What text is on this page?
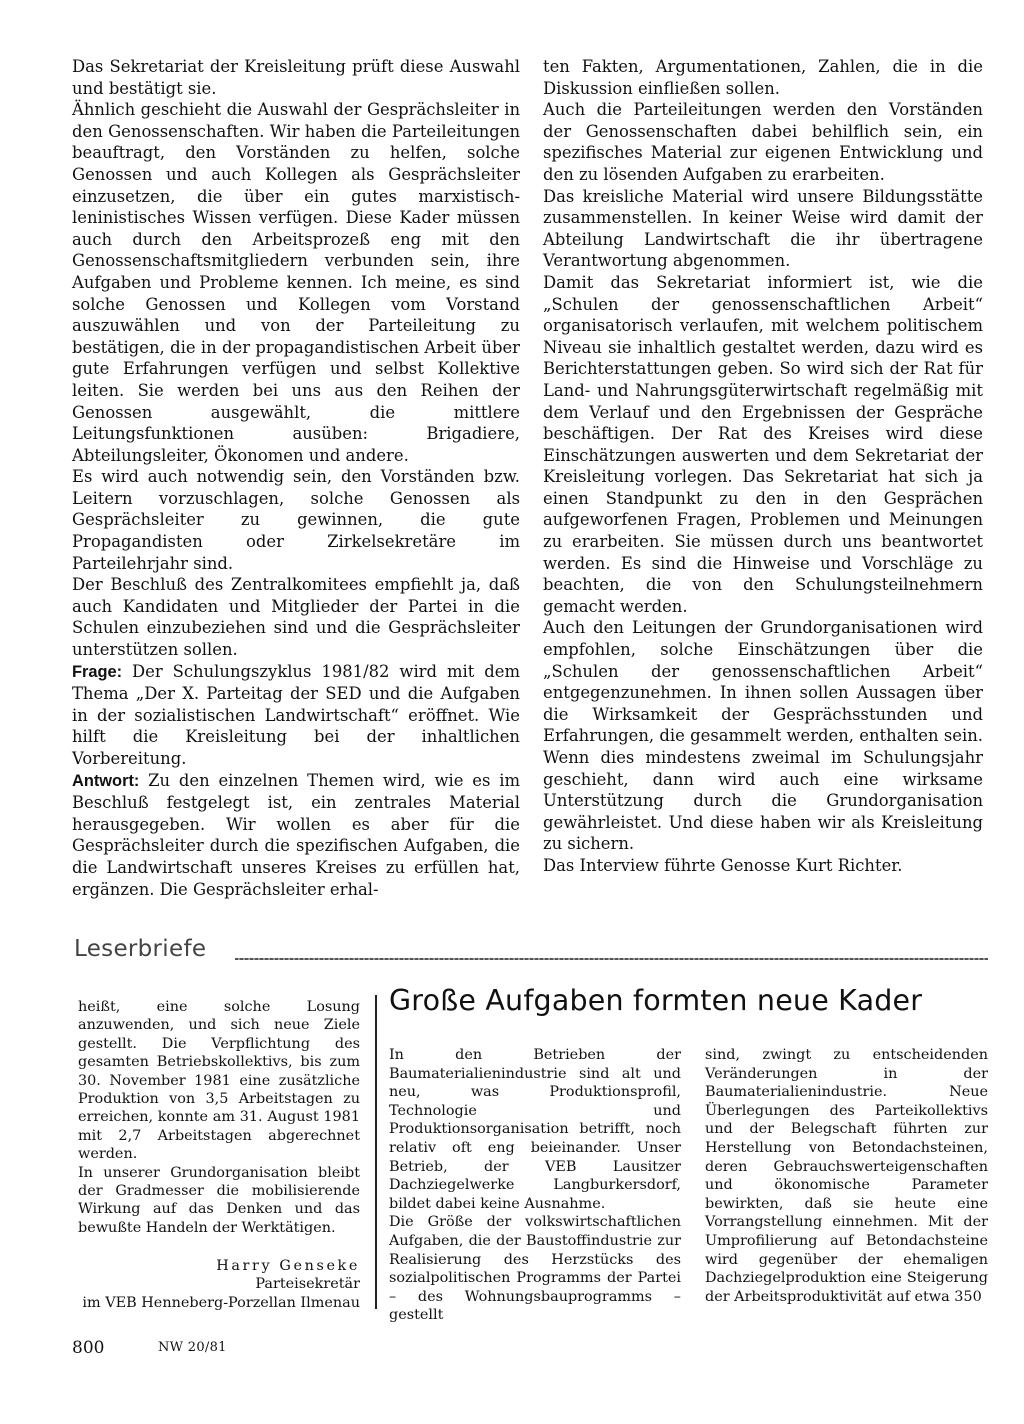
Das Sekretariat der Kreisleitung prüft diese Auswahl und bestätigt sie.

Ähnlich geschieht die Auswahl der Gesprächsleiter in den Genossenschaften. Wir haben die Parteileitungen beauftragt, den Vorständen zu helfen, solche Genossen und auch Kollegen als Gesprächsleiter einzusetzen, die über ein gutes marxistisch-leninistisches Wissen verfügen. Diese Kader müssen auch durch den Arbeitsprozeß eng mit den Genossenschaftsmitgliedern verbunden sein, ihre Aufgaben und Probleme kennen. Ich meine, es sind solche Genossen und Kollegen vom Vorstand auszuwählen und von der Parteileitung zu bestätigen, die in der propagandistischen Arbeit über gute Erfahrungen verfügen und selbst Kollektive leiten. Sie werden bei uns aus den Reihen der Genossen ausgewählt, die mittlere Leitungsfunktionen ausüben: Brigadiere, Abteilungsleiter, Ökonomen und andere.

Es wird auch notwendig sein, den Vorständen bzw. Leitern vorzuschlagen, solche Genossen als Gesprächsleiter zu gewinnen, die gute Propagandisten oder Zirkelsekretäre im Parteilehrjahr sind.

Der Beschluß des Zentralkomitees empfiehlt ja, daß auch Kandidaten und Mitglieder der Partei in die Schulen einzubeziehen sind und die Gesprächsleiter unterstützen sollen.

Frage: Der Schulungszyklus 1981/82 wird mit dem Thema „Der X. Parteitag der SED und die Aufgaben in der sozialistischen Landwirtschaft“ eröffnet. Wie hilft die Kreisleitung bei der inhaltlichen Vorbereitung.

Antwort: Zu den einzelnen Themen wird, wie es im Beschluß festgelegt ist, ein zentrales Material herausgegeben. Wir wollen es aber für die Gesprächsleiter durch die spezifischen Aufgaben, die die Landwirtschaft unseres Kreises zu erfüllen hat, ergänzen. Die Gesprächsleiter erhal-

ten Fakten, Argumentationen, Zahlen, die in die Diskussion einfließen sollen.

Auch die Parteileitungen werden den Vorständen der Genossenschaften dabei behilflich sein, ein spezifisches Material zur eigenen Entwicklung und den zu lösenden Aufgaben zu erarbeiten.

Das kreisliche Material wird unsere Bildungsstätte zusammenstellen. In keiner Weise wird damit der Abteilung Landwirtschaft die ihr übertragene Verantwortung abgenommen.

Damit das Sekretariat informiert ist, wie die „Schulen der genossenschaftlichen Arbeit“ organisatorisch verlaufen, mit welchem politischem Niveau sie inhaltlich gestaltet werden, dazu wird es Berichterstattungen geben. So wird sich der Rat für Land- und Nahrungsgüterwirtschaft regelmäßig mit dem Verlauf und den Ergebnissen der Gespräche beschäftigen. Der Rat des Kreises wird diese Einschätzungen auswerten und dem Sekretariat der Kreisleitung vorlegen. Das Sekretariat hat sich ja einen Standpunkt zu den in den Gesprächen aufgeworfenen Fragen, Problemen und Meinungen zu erarbeiten. Sie müssen durch uns beantwortet werden. Es sind die Hinweise und Vorschläge zu beachten, die von den Schulungsteilnehmern gemacht werden.

Auch den Leitungen der Grundorganisationen wird empfohlen, solche Einschätzungen über die „Schulen der genossenschaftlichen Arbeit“ entgegenzunehmen. In ihnen sollen Aussagen über die Wirksamkeit der Gesprächsstunden und Erfahrungen, die gesammelt werden, enthalten sein. Wenn dies mindestens zweimal im Schulungsjahr geschieht, dann wird auch eine wirksame Unterstützung durch die Grundorganisation gewährleistet. Und diese haben wir als Kreisleitung zu sichern.

Das Interview führte Genosse Kurt Richter.

Leserbriefe

heißt, eine solche Losung anzuwenden, und sich neue Ziele gestellt. Die Verpflichtung des gesamten Betriebskollektivs, bis zum 30. November 1981 eine zusätzliche Produktion von 3,5 Arbeitstagen zu erreichen, konnte am 31. August 1981 mit 2,7 Arbeitstagen abgerechnet werden.

In unserer Grundorganisation bleibt der Gradmesser die mobilisierende Wirkung auf das Denken und das bewußte Handeln der Werktätigen.

Harry Genseke
Parteisekretär
im VEB Henneberg-Porzellan Ilmenau
Große Aufgaben formten neue Kader

In den Betrieben der Baumaterialienindustrie sind alt und neu, was Produktionsprofil, Technologie und Produktionsorganisation betrifft, noch relativ oft eng beieinander. Unser Betrieb, der VEB Lausitzer Dachziegelwerke Langburkersdorf, bildet dabei keine Ausnahme.

Die Größe der volkswirtschaftlichen Aufgaben, die der Baustoffindustrie zur Realisierung des Herzstücks des sozialpolitischen Programms der Partei – des Wohnungsbauprogramms – gestellt

sind, zwingt zu entscheidenden Veränderungen in der Baumaterialienindustrie. Neue Überlegungen des Parteikollektivs und der Belegschaft führten zur Herstellung von Betondachsteinen, deren Gebrauchswerteigenschaften und ökonomische Parameter bewirkten, daß sie heute eine Vorrangstellung einnehmen. Mit der Umprofilierung auf Betondachsteine wird gegenüber der ehemaligen Dachziegelproduktion eine Steigerung der Arbeitsproduktivität auf etwa 350

800	NW 20/81
